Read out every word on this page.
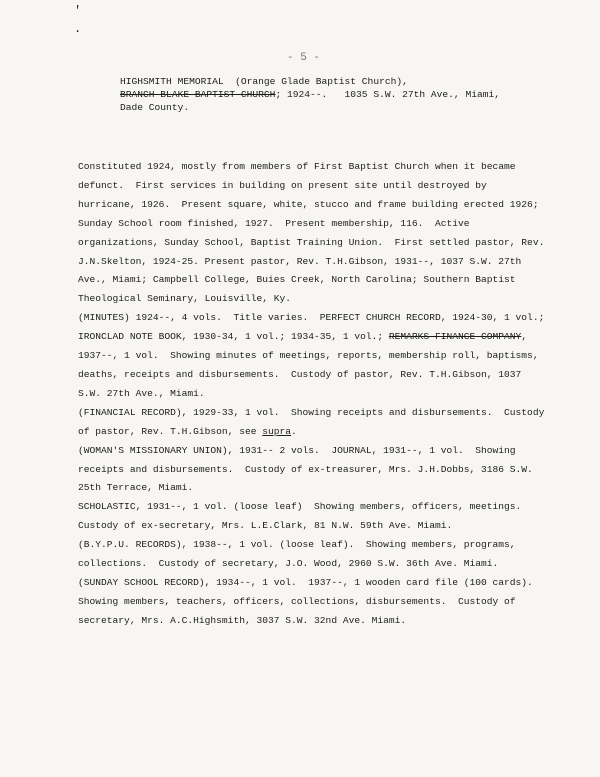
'
.
- 5 -
HIGHSMITH MEMORIAL  (Orange Glade Baptist Church),
BRANCH BLAKE BAPTIST CHURCH; 1924--.   1035 S.W. 27th Ave., Miami,
Dade County.

Constituted 1924, mostly from members of First Baptist Church when it became defunct.  First services in building on present site until destroyed by hurricane, 1926.  Present square, white, stucco and frame building erected 1926; Sunday School room finished, 1927.  Present membership, 116.  Active organizations, Sunday School, Baptist Training Union.  First settled pastor, Rev. J.N.Skelton, 1924-25. Present pastor, Rev. T.H.Gibson, 1931--, 1037 S.W. 27th Ave., Miami; Campbell College, Buies Creek, North Carolina; Southern Baptist Theological Seminary, Louisville, Ky.

(MINUTES) 1924--, 4 vols.  Title varies.  PERFECT CHURCH RECORD, 1924-30, 1 vol.;

IRONCLAD NOTE BOOK, 1930-34, 1 vol.; 1934-35, 1 vol.; REMARKS FINANCE COMPANY, 1937--, 1 vol.  Showing minutes of meetings, reports, membership roll, baptisms, deaths, receipts and disbursements.  Custody of pastor, Rev. T.H.Gibson, 1037 S.W. 27th Ave., Miami.

(FINANCIAL RECORD), 1929-33, 1 vol.  Showing receipts and disbursements.  Custody of pastor, Rev. T.H.Gibson, see supra.

(WOMAN'S MISSIONARY UNION), 1931-- 2 vols.  JOURNAL, 1931--, 1 vol.  Showing receipts and disbursements.  Custody of ex-treasurer, Mrs. J.H.Dobbs, 3186 S.W. 25th Terrace, Miami.

SCHOLASTIC, 1931--, 1 vol. (loose leaf)  Showing members, officers, meetings.  Custody of ex-secretary, Mrs. L.E.Clark, 81 N.W. 59th Ave. Miami.

(B.Y.P.U. RECORDS), 1938--, 1 vol. (loose leaf).  Showing members, programs, collections.  Custody of secretary, J.O. Wood, 2960 S.W. 36th Ave. Miami.

(SUNDAY SCHOOL RECORD), 1934--, 1 vol.  1937--, 1 wooden card file (100 cards). Showing members, teachers, officers, collections, disbursements.  Custody of secretary, Mrs. A.C.Highsmith, 3037 S.W. 32nd Ave. Miami.
